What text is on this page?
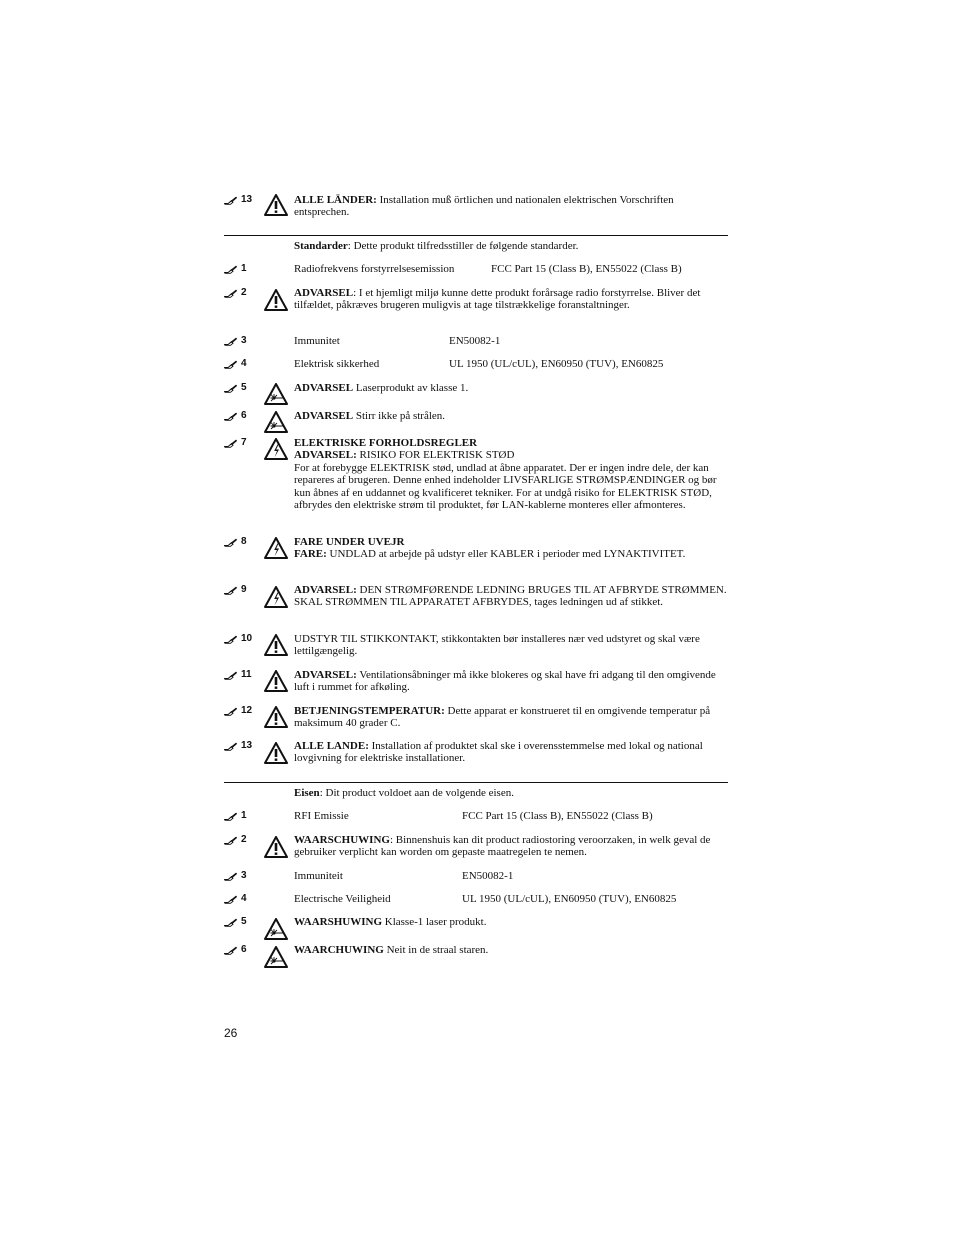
13	ALLE LÄNDER: Installation muß örtlichen und nationalen elektrischen Vorschriften entsprechen.
Standarder: Dette produkt tilfredsstiller de følgende standarder.
1	Radiofrekvens forstyrrelsesemission	FCC Part 15 (Class B), EN55022 (Class B)
2	ADVARSEL: I et hjemligt miljø kunne dette produkt forårsage radio forstyrrelse. Bliver det tilfældet, påkræves brugeren muligvis at tage tilstrækkelige foranstaltninger.
3	Immunitet	EN50082-1
4	Elektrisk sikkerhed	UL 1950 (UL/cUL), EN60950 (TUV), EN60825
5	ADVARSEL Laserprodukt av klasse 1.
6	ADVARSEL Stirr ikke på strålen.
7	ELEKTRISKE FORHOLDSREGLER
ADVARSEL: RISIKO FOR ELEKTRISK STØD
For at forebygge ELEKTRISK stød, undlad at åbne apparatet. Der er ingen indre dele, der kan repareres af brugeren. Denne enhed indeholder LIVSFARLIGE STRØMSPÆNDINGER og bør kun åbnes af en uddannet og kvalificeret tekniker. For at undgå risiko for ELEKTRISK STØD, afbrydes den elektriske strøm til produktet, før LAN-kablerne monteres eller afmonteres.
8	FARE UNDER UVEJR
FARE: UNDLAD at arbejde på udstyr eller KABLER i perioder med LYNAKTIVITET.
9	ADVARSEL: DEN STRØMFØRENDE LEDNING BRUGES TIL AT AFBRYDE STRØMMEN. SKAL STRØMMEN TIL APPARATET AFBRYDES, tages ledningen ud af stikket.
10	UDSTYR TIL STIKKONTAKT, stikkontakten bør installeres nær ved udstyret og skal være lettilgængelig.
11	ADVARSEL: Ventilationsåbninger må ikke blokeres og skal have fri adgang til den omgivende luft i rummet for afkøling.
12	BETJENINGSTEMPERATUR: Dette apparat er konstrueret til en omgivende temperatur på maksimum 40 grader C.
13	ALLE LANDE: Installation af produktet skal ske i overensstemmelse med lokal og national lovgivning for elektriske installationer.
Eisen: Dit product voldoet aan de volgende eisen.
1	RFI Emissie	FCC Part 15 (Class B), EN55022 (Class B)
2	WAARSCHUWING: Binnenshuis kan dit product radiostoring veroorzaken, in welk geval de gebruiker verplicht kan worden om gepaste maatregelen te nemen.
3	Immuniteit	EN50082-1
4	Electrische Veiligheid	UL 1950 (UL/cUL), EN60950 (TUV), EN60825
5	WAARSHUWING Klasse-1 laser produkt.
6	WAARCHUWING Neit in de straal staren.
26
